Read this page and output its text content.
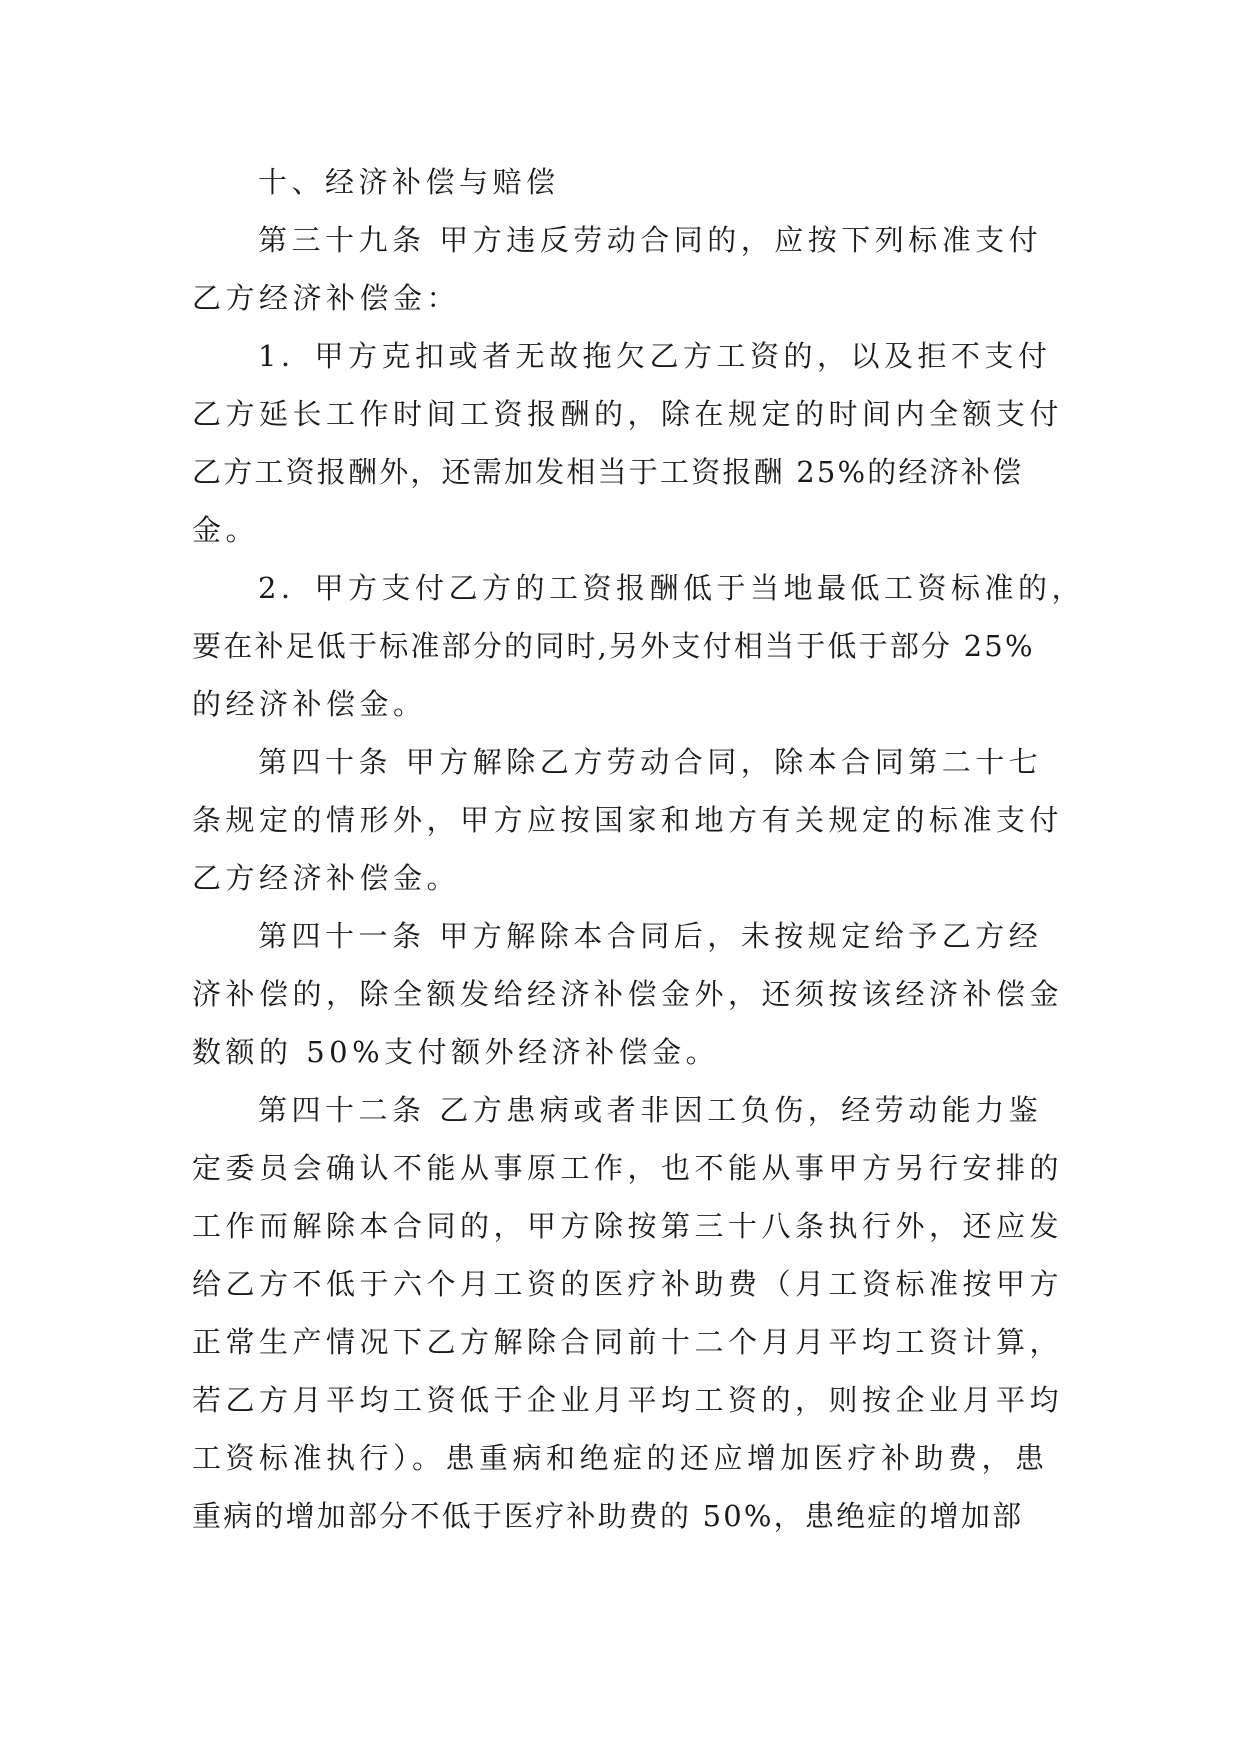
十、经济补偿与赔偿
第三十九条 甲方违反劳动合同的，应按下列标准支付
乙方经济补偿金：
1．甲方克扣或者无故拖欠乙方工资的，以及拒不支付
乙方延长工作时间工资报酬的，除在规定的时间内全额支付
乙方工资报酬外，还需加发相当于工资报酬 25%的经济补偿
金。
2．甲方支付乙方的工资报酬低于当地最低工资标准的，
要在补足低于标准部分的同时,另外支付相当于低于部分 25%
的经济补偿金。
第四十条 甲方解除乙方劳动合同，除本合同第二十七
条规定的情形外，甲方应按国家和地方有关规定的标准支付
乙方经济补偿金。
第四十一条 甲方解除本合同后，未按规定给予乙方经
济补偿的，除全额发给经济补偿金外，还须按该经济补偿金
数额的 50%支付额外经济补偿金。
第四十二条 乙方患病或者非因工负伤，经劳动能力鉴
定委员会确认不能从事原工作，也不能从事甲方另行安排的
工作而解除本合同的，甲方除按第三十八条执行外，还应发
给乙方不低于六个月工资的医疗补助费（月工资标准按甲方
正常生产情况下乙方解除合同前十二个月月平均工资计算，
若乙方月平均工资低于企业月平均工资的，则按企业月平均
工资标准执行）。患重病和绝症的还应增加医疗补助费，患
重病的增加部分不低于医疗补助费的 50%，患绝症的增加部
